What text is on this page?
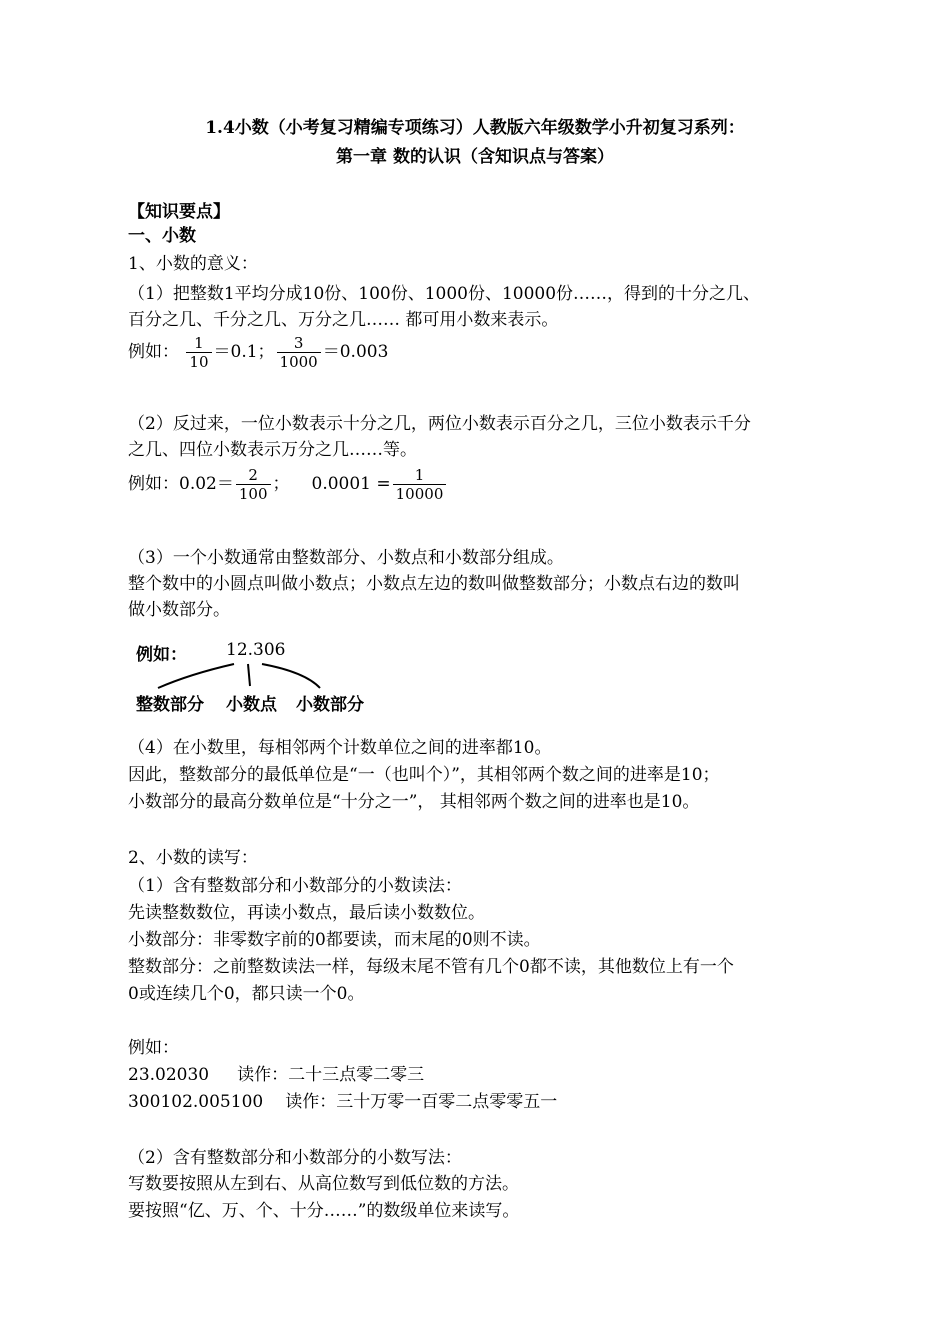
1.4小数（小考复习精编专项练习）人教版六年级数学小升初复习系列：
第一章 数的认识（含知识点与答案）
【知识要点】
一、小数
1、小数的意义：
（1）把整数1平均分成10份、100份、1000份、10000份……，得到的十分之几、
百分之几、千分之几、万分之几…… 都可用小数来表示。
例如： $\frac{1}{10} =0.1$； $\frac{3}{1000} =0.003$
（2）反过来，一位小数表示十分之几，两位小数表示百分之几，三位小数表示千分
之几、四位小数表示万分之几……等。
例如：$0.02= \frac{2}{100}$ ； $0.0001 = \frac{1}{10000}$
（3）一个小数通常由整数部分、小数点和小数部分组成。
整个数中的小圆点叫做小数点；小数点左边的数叫做整数部分；小数点右边的数叫
做小数部分。
例如： 12.306
整数部分 小数点 小数部分
（4）在小数里，每相邻两个计数单位之间的进率都10。
因此，整数部分的最低单位是“一（也叫个）”，其相邻两个数之间的进率是10；
小数部分的最高分数单位是“十分之一”， 其相邻两个数之间的进率也是10。
2、小数的读写：
（1）含有整数部分和小数部分的小数读法：
先读整数数位，再读小数点，最后读小数数位。
小数部分：非零数字前的0都要读，而末尾的0则不读。
整数部分：之前整数读法一样，每级末尾不管有几个0都不读，其他数位上有一个
0或连续几个0，都只读一个0。
例如：
23.02030 读作：二十三点零二零三
300102.005100 读作：三十万零一百零二点零零五一
（2）含有整数部分和小数部分的小数写法：
写数要按照从左到右、从高位数写到低位数的方法。
要按照“亿、万、个、十分……”的数级单位来读写。
